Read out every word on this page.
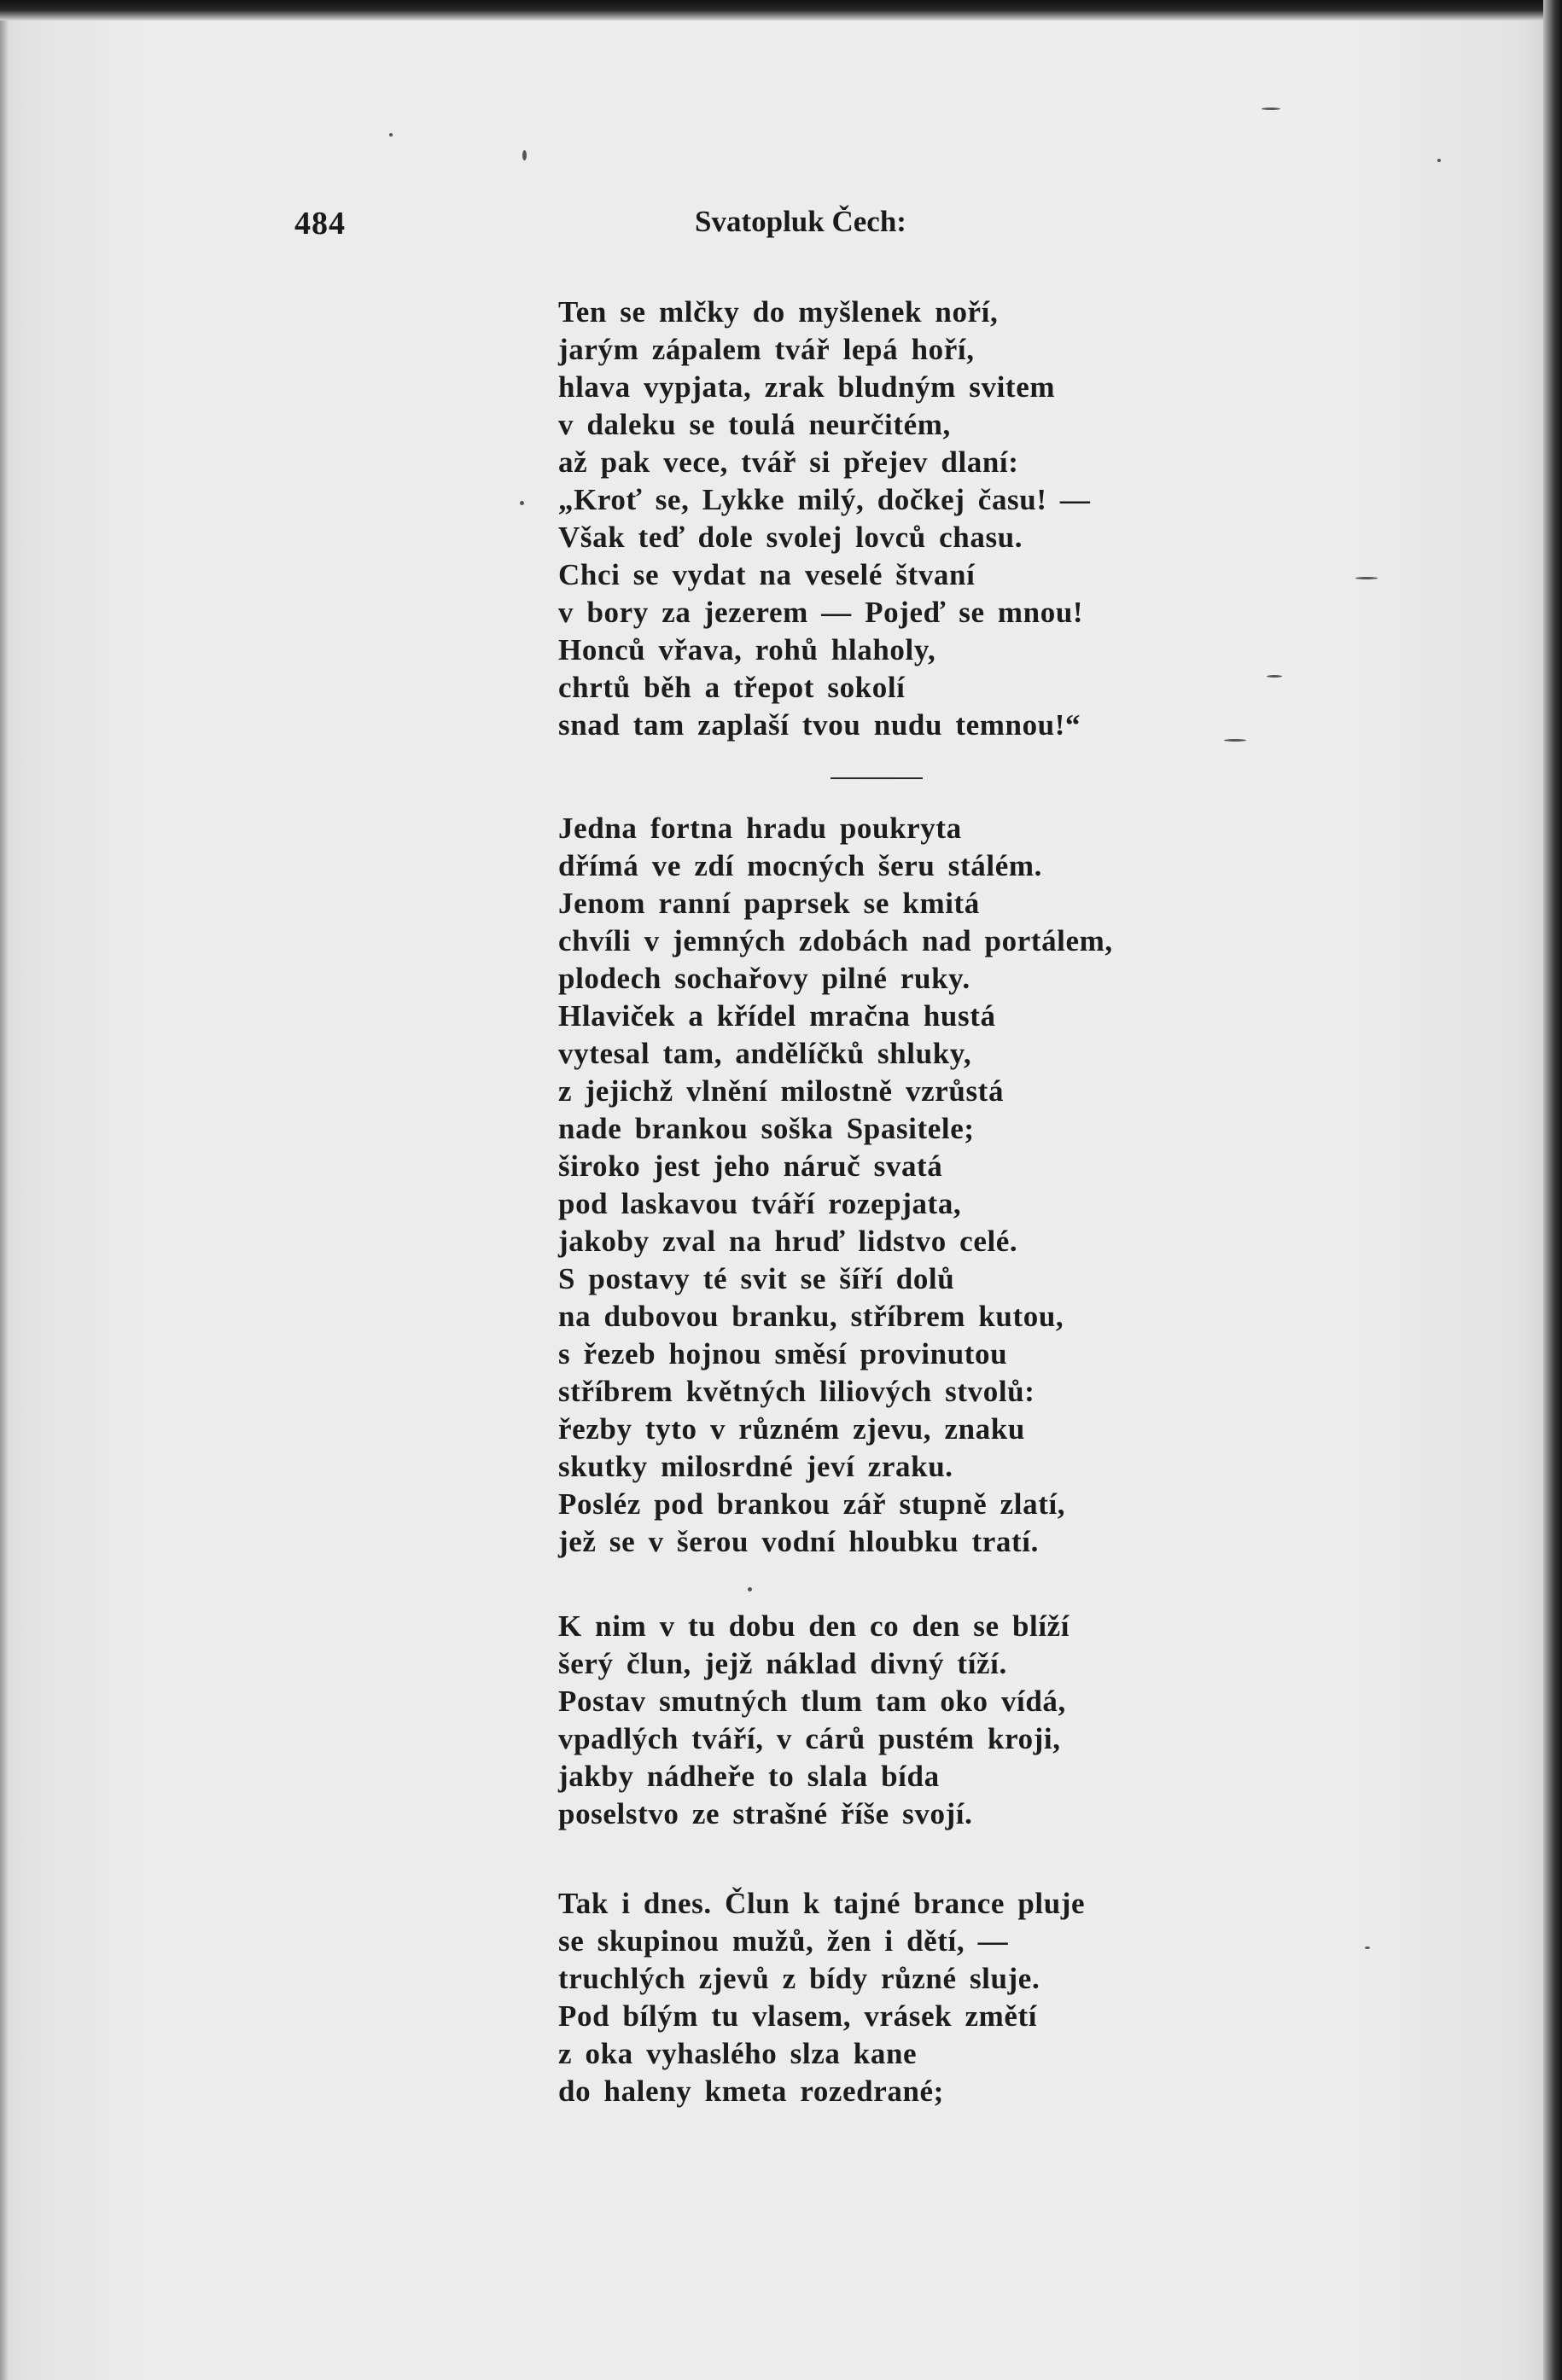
484	Svatopluk Čech:
Ten se mlčky do myšlenek noří,
jarým zápalem tvář lepá hoří,
hlava vypjata, zrak bludným svitem
v daleku se toulá neurčitém,
až pak vece, tvář si přejev dlaní:
„Kroť se, Lykke milý, dočkej času! —
Však teď dole svolej lovců chasu.
Chci se vydat na veselé štvaní
v bory za jezerem — Pojeď se mnou!
Honců vřava, rohů hlaholy,
chrtů běh a třepot sokolí
snad tam zaplaší tvou nudu temnou!“
Jedna fortna hradu poukryta
dřímá ve zdí mocných šeru stálém.
Jenom ranní paprsek se kmitá
chvíli v jemných zdobách nad portálem,
plodech sochařovy pilné ruky.
Hlaviček a křídel mračna hustá
vytesal tam, andělíčků shluky,
z jejichž vlnění milostně vzrůstá
nade brankou soška Spasitele;
široko jest jeho náruč svatá
pod laskavou tváří rozepjata,
jakoby zval na hruď lidstvo celé.
S postavy té svit se šíří dolů
na dubovou branku, stříbrem kutou,
s řezeb hojnou směsí provinutou
stříbrem květných liliových stvolů:
řezby tyto v různém zjevu, znaku
skutky milosrdné jeví zraku.
Posléz pod brankou zář stupně zlatí,
jež se v šerou vodní hloubku tratí.
K nim v tu dobu den co den se blíží
šerý člun, jejž náklad divný tíží.
Postav smutných tlum tam oko vídá,
vpadlých tváří, v cárů pustém kroji,
jakby nádheře to slala bída
poselstvo ze strašné říše svojí.
Tak i dnes. Člun k tajné brance pluje
se skupinou mužů, žen i dětí, —
truchlých zjevů z bídy různé sluje.
Pod bílým tu vlasem, vrásek změtí
z oka vyhaslého slza kane
do haleny kmeta rozedrané;
